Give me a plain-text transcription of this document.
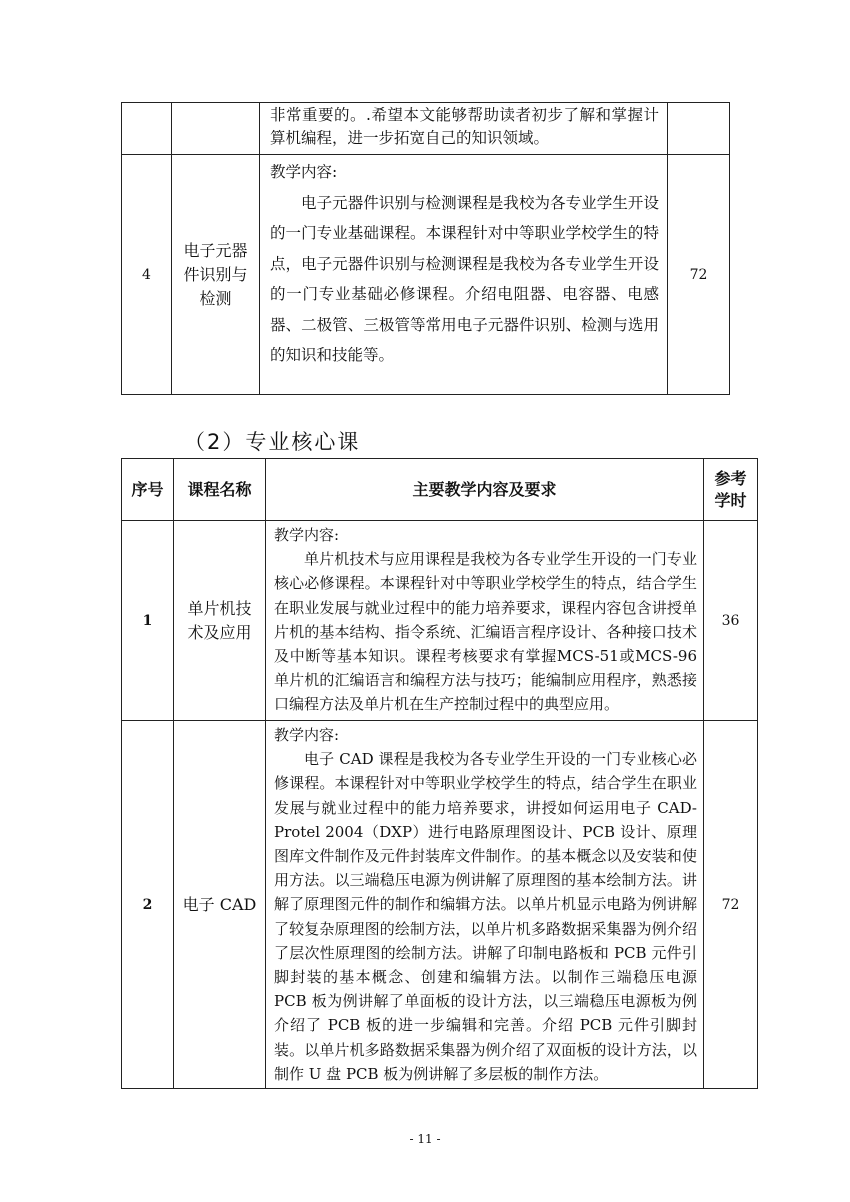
		非常重要的。.希望本文能够帮助读者初步了解和掌握计算机编程，进一步拓宽自己的知识领域。	

4	电子元器件识别与检测	教学内容:

电子元器件识别与检测课程是我校为各专业学生开设的一门专业基础课程。本课程针对中等职业学校学生的特点，电子元器件识别与检测课程是我校为各专业学生开设的一门专业基础必修课程。介绍电阻器、电容器、电感器、二极管、三极管等常用电子元器件识别、检测与选用的知识和技能等。	72
（2）专业核心课
序号	课程名称	主要教学内容及要求	参考学时
1	单片机技术及应用	教学内容:

单片机技术与应用课程是我校为各专业学生开设的一门专业核心必修课程。本课程针对中等职业学校学生的特点，结合学生在职业发展与就业过程中的能力培养要求，课程内容包含讲授单片机的基本结构、指令系统、汇编语言程序设计、各种接口技术及中断等基本知识。课程考核要求有掌握MCS-51或MCS-96单片机的汇编语言和编程方法与技巧；能编制应用程序，熟悉接口编程方法及单片机在生产控制过程中的典型应用。	36
2	电子 CAD	教学内容:

电子 CAD 课程是我校为各专业学生开设的一门专业核心必修课程。本课程针对中等职业学校学生的特点，结合学生在职业发展与就业过程中的能力培养要求，讲授如何运用电子 CAD-Protel 2004（DXP）进行电路原理图设计、PCB 设计、原理图库文件制作及元件封装库文件制作。的基本概念以及安装和使用方法。以三端稳压电源为例讲解了原理图的基本绘制方法。讲解了原理图元件的制作和编辑方法。以单片机显示电路为例讲解了较复杂原理图的绘制方法，以单片机多路数据采集器为例介绍了层次性原理图的绘制方法。讲解了印制电路板和 PCB 元件引脚封装的基本概念、创建和编辑方法。以制作三端稳压电源 PCB 板为例讲解了单面板的设计方法，以三端稳压电源板为例介绍了 PCB 板的进一步编辑和完善。介绍 PCB 元件引脚封装。以单片机多路数据采集器为例介绍了双面板的设计方法，以制作 U 盘 PCB 板为例讲解了多层板的制作方法。	72
- 11 -
